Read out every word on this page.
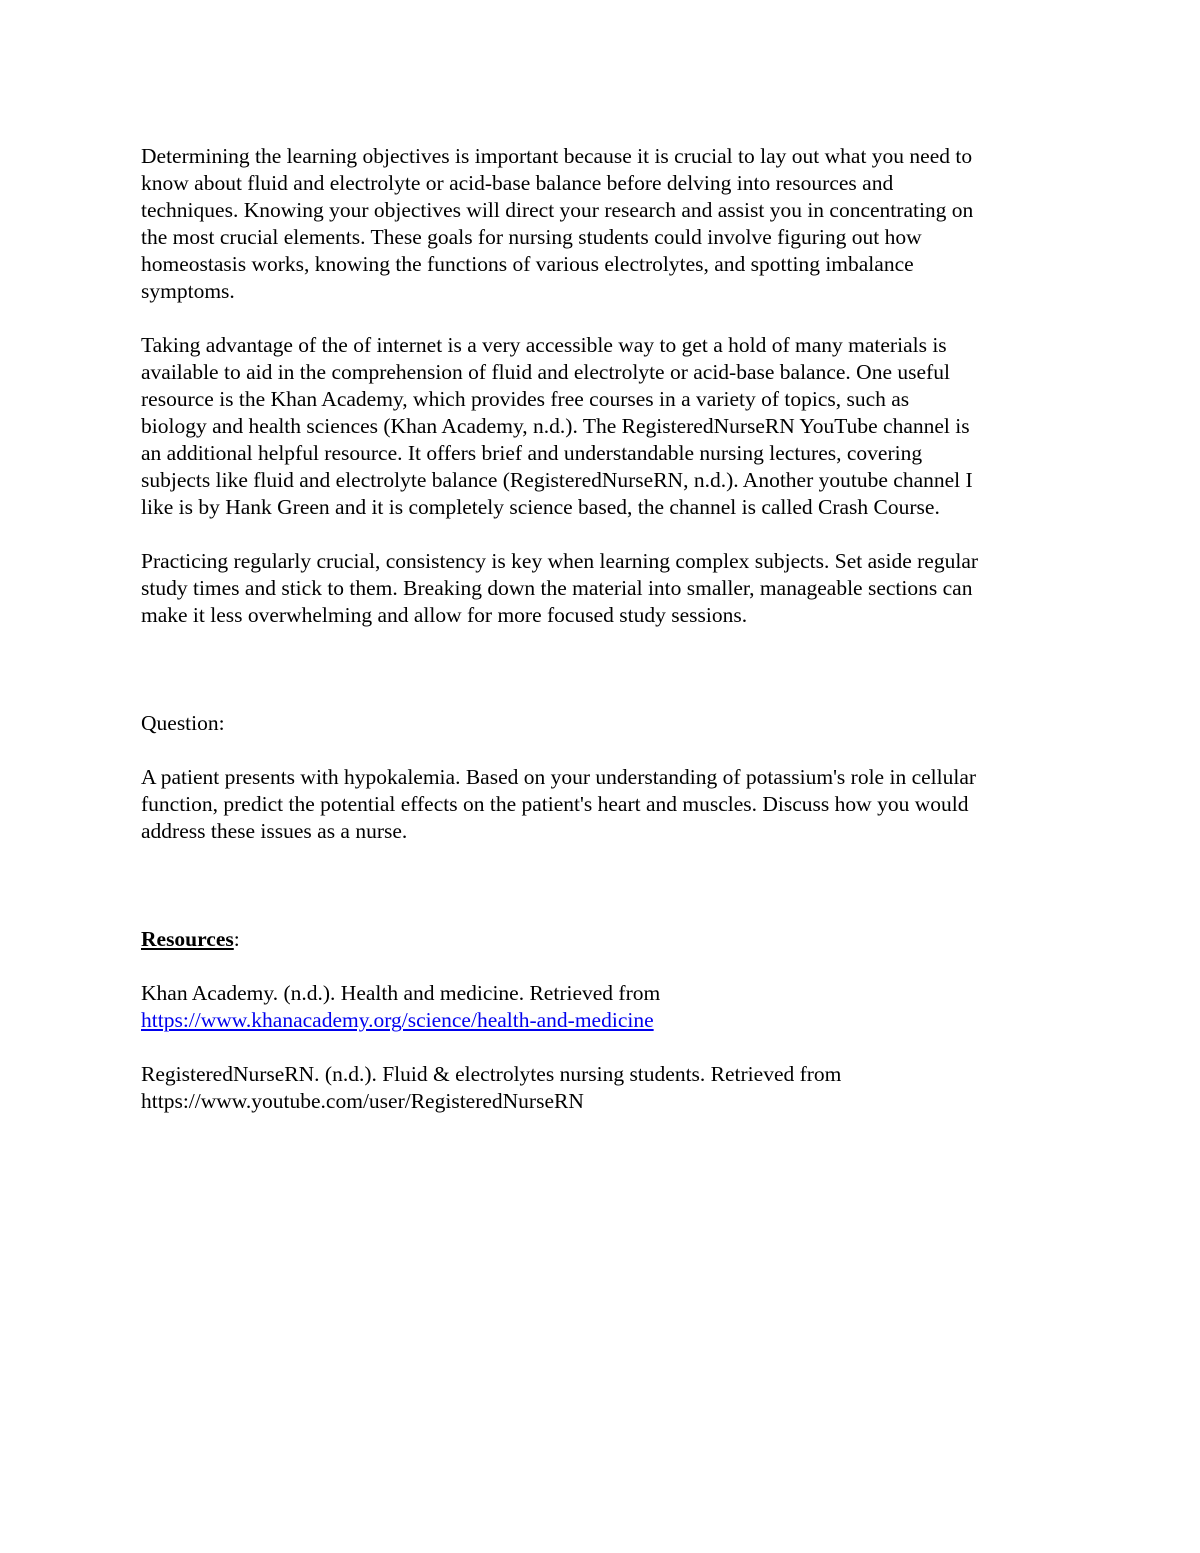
Determining the learning objectives is important because it is crucial to lay out what you need to
know about fluid and electrolyte or acid-base balance before delving into resources and
techniques. Knowing your objectives will direct your research and assist you in concentrating on
the most crucial elements. These goals for nursing students could involve figuring out how
homeostasis works, knowing the functions of various electrolytes, and spotting imbalance
symptoms.
Taking advantage of the of internet is a very accessible way to get a hold of many materials is
available to aid in the comprehension of fluid and electrolyte or acid-base balance. One useful
resource is the Khan Academy, which provides free courses in a variety of topics, such as
biology and health sciences (Khan Academy, n.d.). The RegisteredNurseRN YouTube channel is
an additional helpful resource. It offers brief and understandable nursing lectures, covering
subjects like fluid and electrolyte balance (RegisteredNurseRN, n.d.). Another youtube channel I
like is by Hank Green and it is completely science based, the channel is called Crash Course.
Practicing regularly crucial, consistency is key when learning complex subjects. Set aside regular
study times and stick to them. Breaking down the material into smaller, manageable sections can
make it less overwhelming and allow for more focused study sessions.
Question:
A patient presents with hypokalemia. Based on your understanding of potassium's role in cellular
function, predict the potential effects on the patient's heart and muscles. Discuss how you would
address these issues as a nurse.
Resources:
Khan Academy. (n.d.). Health and medicine. Retrieved from
https://www.khanacademy.org/science/health-and-medicine
RegisteredNurseRN. (n.d.). Fluid & electrolytes nursing students. Retrieved from
https://www.youtube.com/user/RegisteredNurseRN
